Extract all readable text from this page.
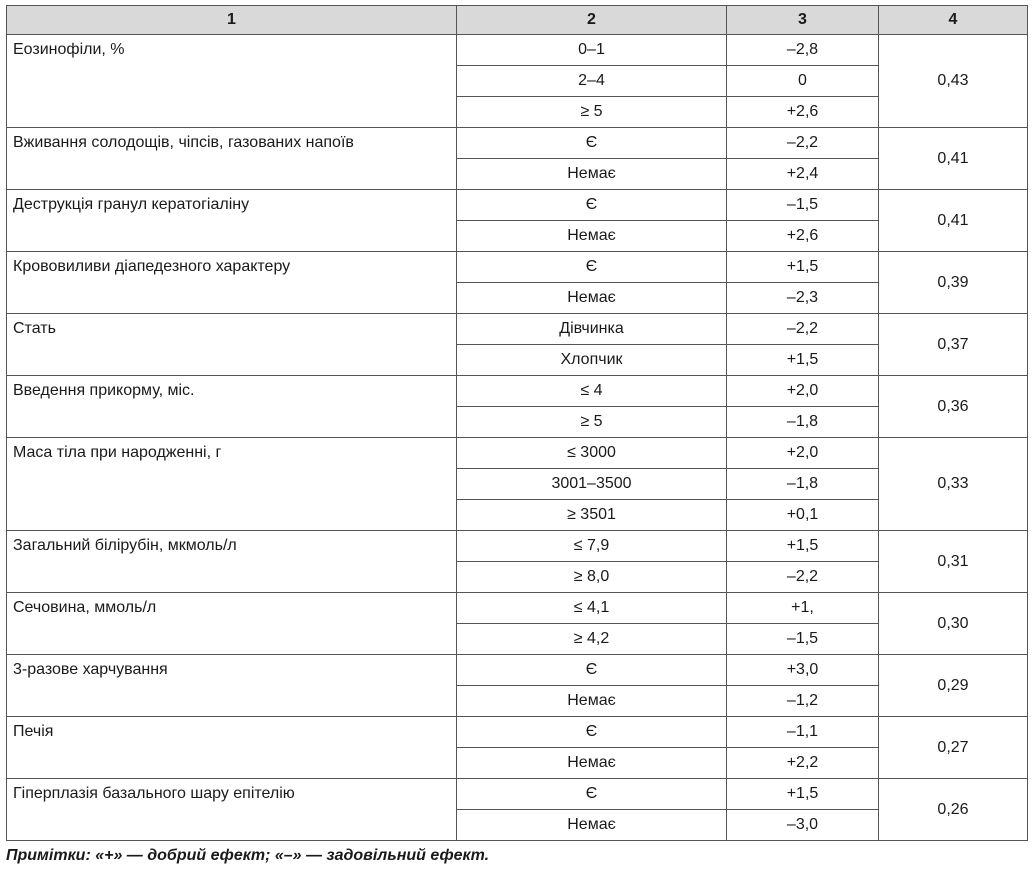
1	2	3	4

Еозинофіли, %	0–1	–2,8	0,43
	2–4	0	
	≥ 5	+2,6	

Вживання солодощів, чіпсів, газованих напоїв	Є	–2,2	0,41
	Немає	+2,4	

Деструкція гранул кератогіаліну	Є	–1,5	0,41
	Немає	+2,6	

Крововиливи діапедезного характеру	Є	+1,5	0,39
	Немає	–2,3	

Стать	Дівчинка	–2,2	0,37
	Хлопчик	+1,5	

Введення прикорму, міс.	≤ 4	+2,0	0,36
	≥ 5	–1,8	

Маса тіла при народженні, г	≤ 3000	+2,0	0,33
	3001–3500	–1,8	
	≥ 3501	+0,1	

Загальний білірубін, мкмоль/л	≤ 7,9	+1,5	0,31
	≥ 8,0	–2,2	

Сечовина, ммоль/л	≤ 4,1	+1,	0,30
	≥ 4,2	–1,5	

3-разове харчування	Є	+3,0	0,29
	Немає	–1,2	

Печія	Є	–1,1	0,27
	Немає	+2,2	

Гіперплазія базального шару епітелію	Є	+1,5	0,26
	Немає	–3,0	
Примітки: «+» — добрий ефект; «–» — задовільний ефект.
